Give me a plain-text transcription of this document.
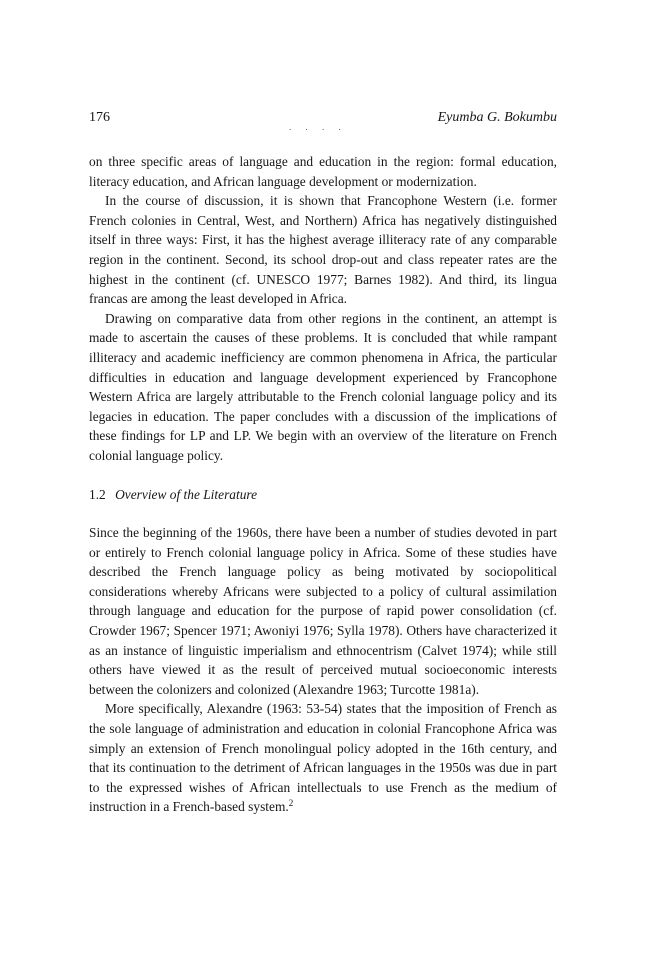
176
. . . .
Eyumba G. Bokumbu

on three specific areas of language and education in the region: formal education, literacy education, and African language development or modernization.

In the course of discussion, it is shown that Francophone Western (i.e. former French colonies in Central, West, and Northern) Africa has negatively distinguished itself in three ways: First, it has the highest average illiteracy rate of any comparable region in the continent. Second, its school drop-out and class repeater rates are the highest in the continent (cf. UNESCO 1977; Barnes 1982). And third, its lingua francas are among the least developed in Africa.

Drawing on comparative data from other regions in the continent, an attempt is made to ascertain the causes of these problems. It is concluded that while rampant illiteracy and academic inefficiency are common phenomena in Africa, the particular difficulties in education and language development experienced by Francophone Western Africa are largely attributable to the French colonial language policy and its legacies in education. The paper concludes with a discussion of the implications of these findings for LP and LP. We begin with an overview of the literature on French colonial language policy.

1.2 Overview of the Literature

Since the beginning of the 1960s, there have been a number of studies devoted in part or entirely to French colonial language policy in Africa. Some of these studies have described the French language policy as being motivated by sociopolitical considerations whereby Africans were subjected to a policy of cultural assimilation through language and education for the purpose of rapid power consolidation (cf. Crowder 1967; Spencer 1971; Awoniyi 1976; Sylla 1978). Others have characterized it as an instance of linguistic imperialism and ethnocentrism (Calvet 1974); while still others have viewed it as the result of perceived mutual socioeconomic interests between the colonizers and colonized (Alexandre 1963; Turcotte 1981a).

More specifically, Alexandre (1963: 53-54) states that the imposition of French as the sole language of administration and education in colonial Francophone Africa was simply an extension of French monolingual policy adopted in the 16th century, and that its continuation to the detriment of African languages in the 1950s was due in part to the expressed wishes of African intellectuals to use French as the medium of instruction in a French-based system.$^2$
